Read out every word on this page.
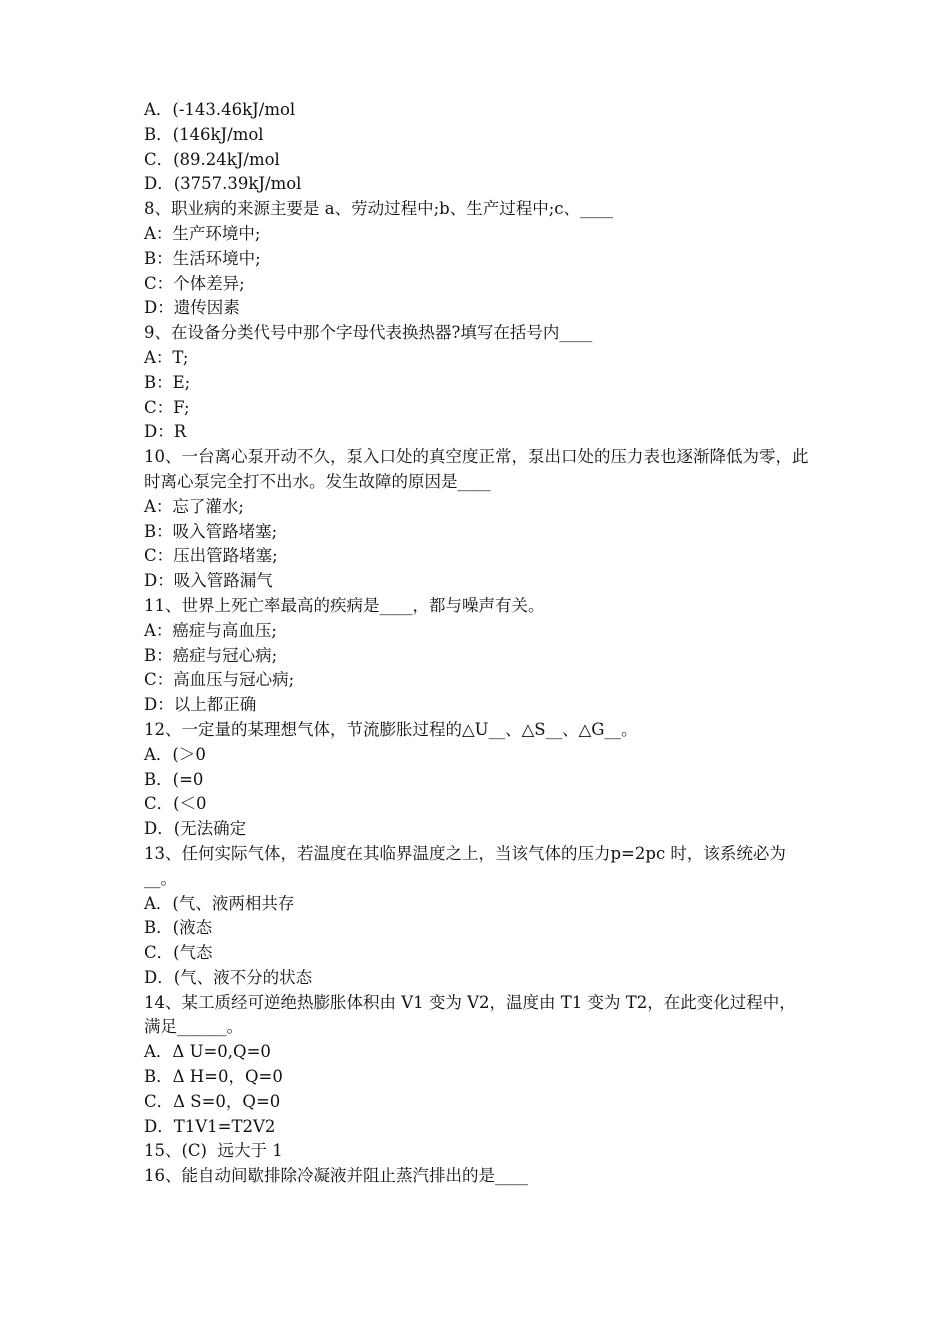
A．(-143.46kJ/mol

B．(146kJ/mol

C．(89.24kJ/mol

D．(3757.39kJ/mol

8、职业病的来源主要是 a、劳动过程中;b、生产过程中;c、____

A：生产环境中;

B：生活环境中;

C：个体差异;

D：遗传因素

9、在设备分类代号中那个字母代表换热器?填写在括号内____

A：T;

B：E;

C：F;

D：R

10、一台离心泵开动不久，泵入口处的真空度正常，泵出口处的压力表也逐渐降低为零，此时离心泵完全打不出水。发生故障的原因是____

A：忘了灌水;

B：吸入管路堵塞;

C：压出管路堵塞;

D：吸入管路漏气

11、世界上死亡率最高的疾病是____，都与噪声有关。

A：癌症与高血压;

B：癌症与冠心病;

C：高血压与冠心病;

D：以上都正确

12、一定量的某理想气体，节流膨胀过程的△U__、△S__、△G__。

A．(＞0

B．(=0

C．(＜0

D．(无法确定

13、任何实际气体，若温度在其临界温度之上，当该气体的压力p=2pc 时，该系统必为__。

A．(气、液两相共存

B．(液态

C．(气态

D．(气、液不分的状态

14、某工质经可逆绝热膨胀体积由 V1 变为 V2，温度由 T1 变为 T2，在此变化过程中，满足______。

A．Δ U=0,Q=0

B．Δ H=0，Q=0

C．Δ S=0，Q=0

D．T1V1=T2V2

15、(C)  远大于 1

16、能自动间歇排除冷凝液并阻止蒸汽排出的是____
